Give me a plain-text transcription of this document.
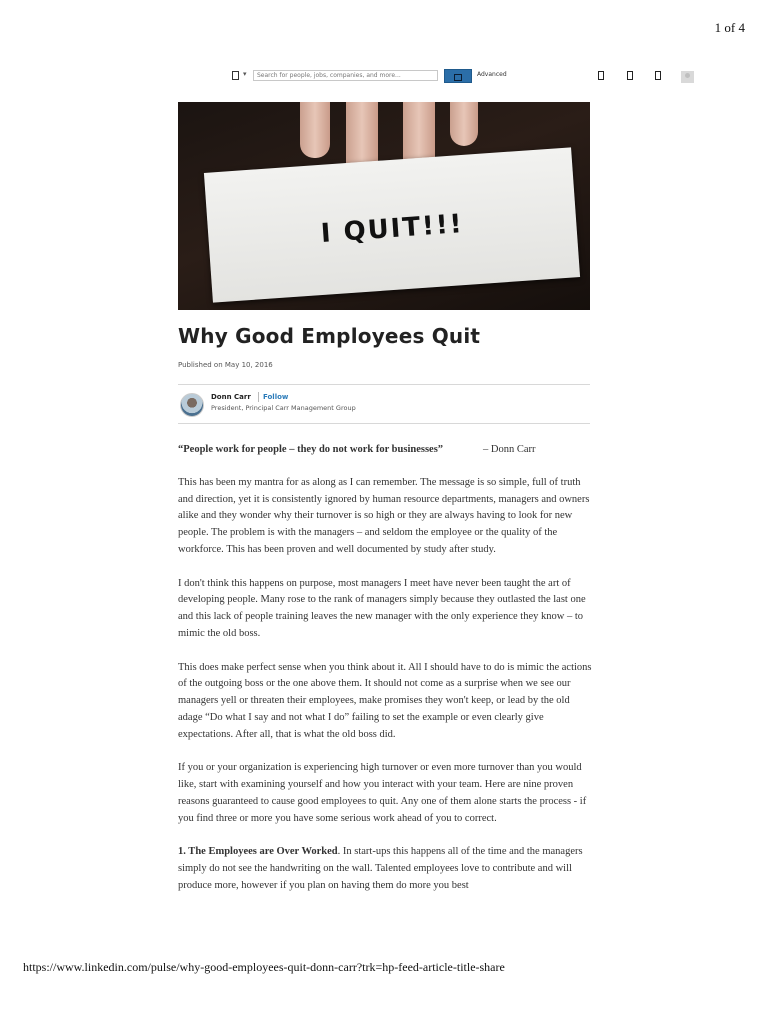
1 of 4
▾
Search for people, jobs, companies, and more...	Advanced
I QUIT!!!
Why Good Employees Quit
Published on May 10, 2016
Donn Carr Follow
President, Principal Carr Management Group
“People work for people – they do not work for businesses”	– Donn Carr

This has been my mantra for as along as I can remember. The message is so simple, full of truth and direction, yet it is consistently ignored by human resource departments, managers and owners alike and they wonder why their turnover is so high or they are always having to look for new people. The problem is with the managers – and seldom the employee or the quality of the workforce. This has been proven and well documented by study after study.

I don't think this happens on purpose, most managers I meet have never been taught the art of developing people. Many rose to the rank of managers simply because they outlasted the last one and this lack of people training leaves the new manager with the only experience they know – to mimic the old boss.

This does make perfect sense when you think about it. All I should have to do is mimic the actions of the outgoing boss or the one above them. It should not come as a surprise when we see our managers yell or threaten their employees, make promises they won't keep, or lead by the old adage “Do what I say and not what I do” failing to set the example or even clearly give expectations. After all, that is what the old boss did.

If you or your organization is experiencing high turnover or even more turnover than you would like, start with examining yourself and how you interact with your team. Here are nine proven reasons guaranteed to cause good employees to quit. Any one of them alone starts the process - if you find three or more you have some serious work ahead of you to correct.

1. The Employees are Over Worked. In start-ups this happens all of the time and the managers simply do not see the handwriting on the wall. Talented employees love to contribute and will produce more, however if you plan on having them do more you best

https://www.linkedin.com/pulse/why-good-employees-quit-donn-carr?trk=hp-feed-article-title-share
